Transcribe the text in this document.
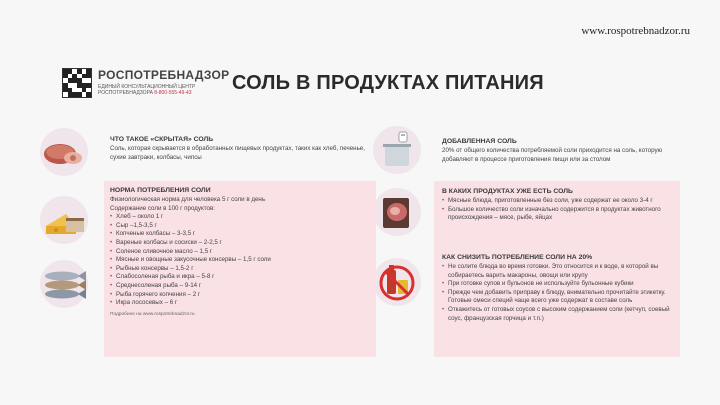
www.rospotrebnadzor.ru
РОСПОТРЕБНАДЗОР
ЕДИНЫЙ КОНСУЛЬТАЦИОННЫЙ ЦЕНТР
РОСПОТРЕБНАДЗОРА 8-800-555-49-43	СОЛЬ В ПРОДУКТАХ ПИТАНИЯ
ЧТО ТАКОЕ «СКРЫТАЯ» СОЛЬ
Соль, которая скрывается в обработанных пищевых продуктах, таких как хлеб, печенье, сухие завтраки, колбасы, чипсы
НОРМА ПОТРЕБЛЕНИЯ СОЛИ
Физиологическая норма для человека 5 г соли в день
Содержание соли в 100 г продуктов:
• Хлеб – около 1 г
• Сыр –1,5-3,5 г
• Копченые колбасы – 3-3,5 г
• Вареные колбасы и сосиски – 2-2,5 г
• Соленое сливочное масло – 1,5 г
• Мясные и овощные закусочные консервы – 1,5 г соли
• Рыбные консервы – 1,5-2 г
• Слабосоленая рыба и икра – 5-8 г
• Среднесоленая рыба – 9-14 г
• Рыба горячего копчения – 2 г
• Икра лососевых – 6 г
Подробнее на www.rospotrebnadzor.ru
ДОБАВЛЕННАЯ СОЛЬ
20% от общего количества потребляемой соли приходится на соль, которую добавляют в процессе приготовления пищи или за столом
В КАКИХ ПРОДУКТАХ УЖЕ ЕСТЬ СОЛЬ
• Мясные блюда, приготовленные без соли, уже содержат ее около 3-4 г
• Большое количество соли изначально содержится в продуктах животного происхождения – мясе, рыбе, яйцах
КАК СНИЗИТЬ ПОТРЕБЛЕНИЕ СОЛИ НА 20%
• Не солите блюда во время готовки. Это относится и к воде, в которой вы собираетесь варить макароны, овощи или крупу
• При готовке супов и бульонов не используйте бульонные кубики
• Прежде чем добавить приправу к блюду, внимательно прочитайте этикетку. Готовые смеси специй чаще всего уже содержат в составе соль
• Откажитесь от готовых соусов с высоким содержанием соли (кетчуп, соевый соус, французская горчица и т.п.)
